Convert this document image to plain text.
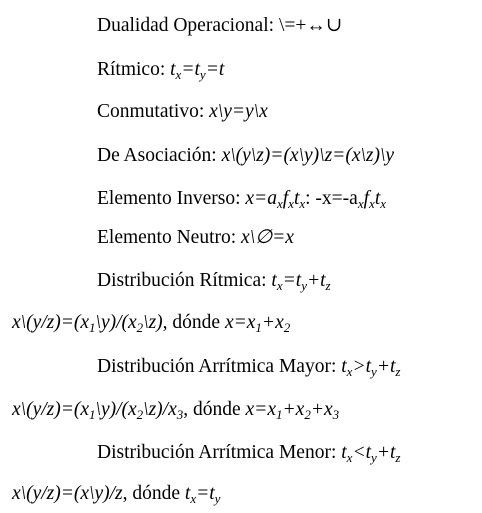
Dualidad Operacional: \=+↔∪
Rítmico: $t_x=t_y=t$
Conmutativo: x\y=y\x
De Asociación: x\(y\z)=(x\y)\z=(x\z)\y
Elemento Inverso: $x=a_xf_xt_x$: $-x=-a_xf_xt_x$
Elemento Neutro: x\∅=x
Distribución Rítmica: $t_x=t_y+t_z$
$x\backslash(y/z)=(x_1\backslash y)/(x_2\backslash z)$, dónde $x=x_1+x_2$
Distribución Arrítmica Mayor: $t_x>t_y+t_z$
$x\backslash(y/z)=(x_1\backslash y)/(x_2\backslash z)/x_3$, dónde $x=x_1+x_2+x_3$
Distribución Arrítmica Menor: $t_x<t_y+t_z$
x\(y/z)=(x\y)/z, dónde $t_x=t_y$
